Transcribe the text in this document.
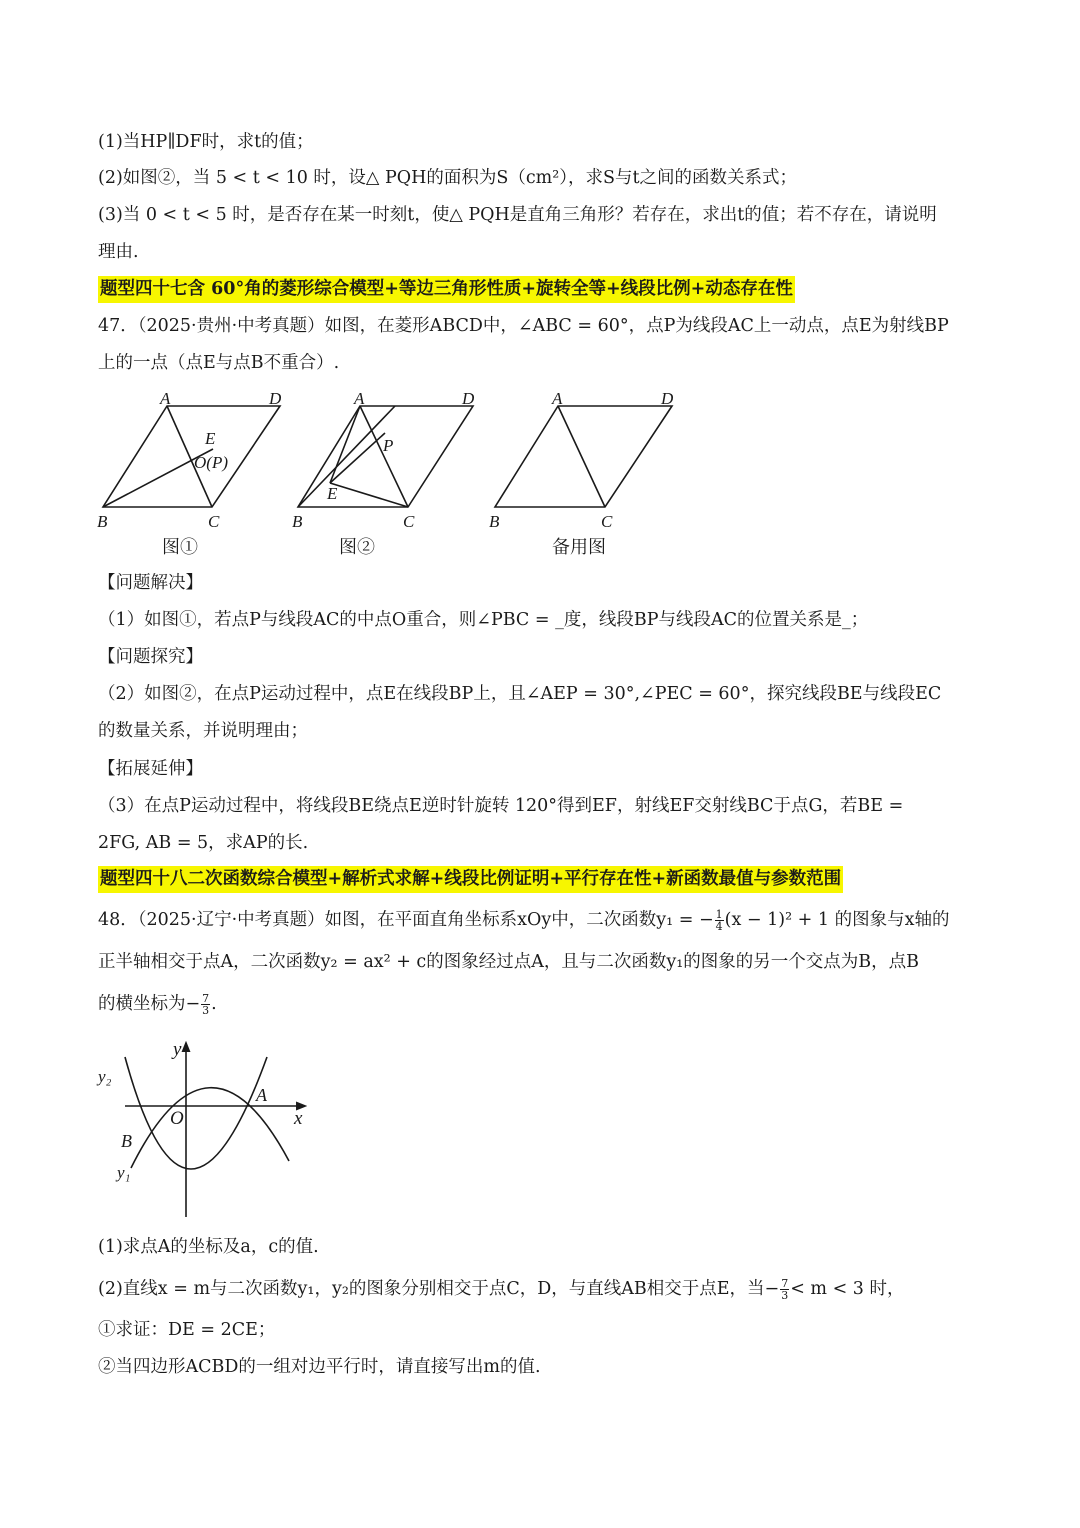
(1)当HP∥DF时，求t的值；
(2)如图②，当 5 < t < 10 时，设△ PQH的面积为S（cm²），求S与t之间的函数关系式；
(3)当 0 < t < 5 时，是否存在某一时刻t，使△ PQH是直角三角形？若存在，求出t的值；若不存在，请说明
理由.
题型四十七含 60°角的菱形综合模型+等边三角形性质+旋转全等+线段比例+动态存在性
47．（2025·贵州·中考真题）如图，在菱形ABCD中，∠ABC = 60°，点P为线段AC上一动点，点E为射线BP
上的一点（点E与点B不重合）.
A	D
B	C
E
O(P)
图①
A	D
B	C
P
E
图②
A	D
B	C
备用图
【问题解决】
（1）如图①，若点P与线段AC的中点O重合，则∠PBC = _度，线段BP与线段AC的位置关系是_；
【问题探究】
（2）如图②，在点P运动过程中，点E在线段BP上，且∠AEP = 30°,∠PEC = 60°，探究线段BE与线段EC
的数量关系，并说明理由；
【拓展延伸】
（3）在点P运动过程中，将线段BE绕点E逆时针旋转 120°得到EF，射线EF交射线BC于点G，若BE =
2FG, AB = 5，求AP的长.
题型四十八二次函数综合模型+解析式求解+线段比例证明+平行存在性+新函数最值与参数范围
48．（2025·辽宁·中考真题）如图，在平面直角坐标系xOy中，二次函数y₁ = − $\frac{1}{4} (x - 1)^2 + 1$ 的图象与x轴的
正半轴相交于点A，二次函数y₂ = ax² + c的图象经过点A，且与二次函数y₁的图象的另一个交点为B，点B
的横坐标为− $\frac{7}{3}$ .
y
x
O
A
B
y₁
y₂
(1)求点A的坐标及a，c的值.
(2)直线x = m与二次函数y₁，y₂的图象分别相交于点C，D，与直线AB相交于点E，当− $\frac{7}{3} < m < 3$ 时，
①求证：DE = 2CE；
②当四边形ACBD的一组对边平行时，请直接写出m的值.
